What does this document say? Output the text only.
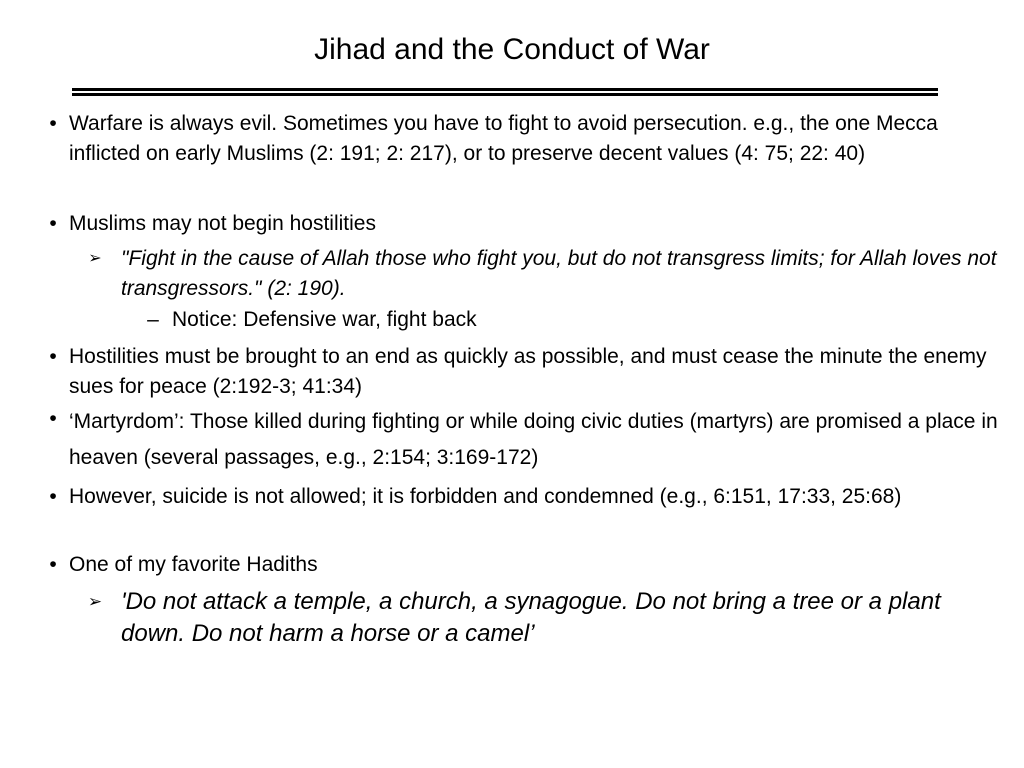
Jihad and the Conduct of War
• Warfare is always evil. Sometimes you have to fight to avoid persecution. e.g., the one Mecca inflicted on early Muslims (2: 191; 2: 217), or to preserve decent values (4: 75; 22: 40)
• Muslims may not begin hostilities
➢ "Fight in the cause of Allah those who fight you, but do not transgress limits; for Allah loves not transgressors." (2: 190).
– Notice: Defensive war, fight back
• Hostilities must be brought to an end as quickly as possible, and must cease the minute the enemy sues for peace (2:192-3; 41:34)
• ‘Martyrdom’: Those killed during fighting or while doing civic duties (martyrs) are promised a place in heaven (several passages, e.g., 2:154; 3:169-172)
• However, suicide is not allowed; it is forbidden and condemned (e.g., 6:151, 17:33, 25:68)
• One of my favorite Hadiths
➢ 'Do not attack a temple, a church, a synagogue. Do not bring a tree or a plant down. Do not harm a horse or a camel’
